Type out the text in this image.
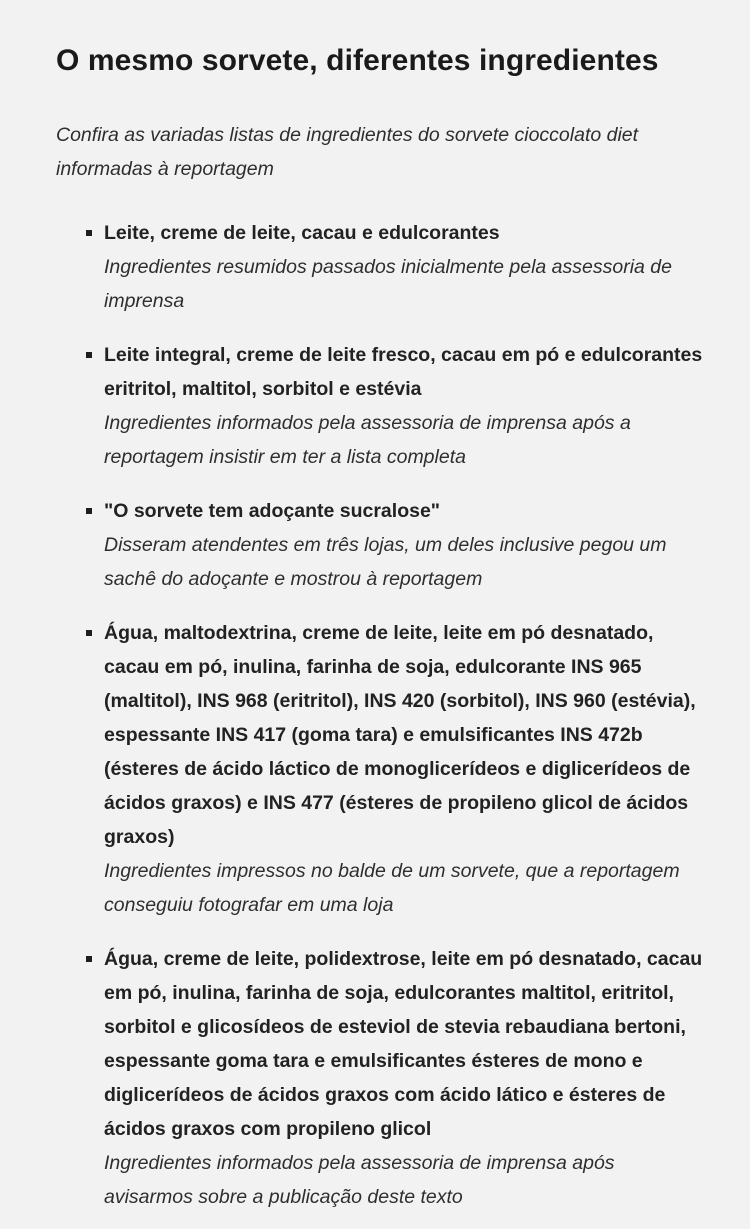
O mesmo sorvete, diferentes ingredientes

Confira as variadas listas de ingredientes do sorvete cioccolato diet informadas à reportagem

Leite, creme de leite, cacau e edulcorantes
Ingredientes resumidos passados inicialmente pela assessoria de imprensa
Leite integral, creme de leite fresco, cacau em pó e edulcorantes eritritol, maltitol, sorbitol e estévia
Ingredientes informados pela assessoria de imprensa após a reportagem insistir em ter a lista completa
"O sorvete tem adoçante sucralose"
Disseram atendentes em três lojas, um deles inclusive pegou um sachê do adoçante e mostrou à reportagem
Água, maltodextrina, creme de leite, leite em pó desnatado, cacau em pó, inulina, farinha de soja, edulcorante INS 965 (maltitol), INS 968 (eritritol), INS 420 (sorbitol), INS 960 (estévia), espessante INS 417 (goma tara) e emulsificantes INS 472b (ésteres de ácido láctico de monoglicerídeos e diglicerídeos de ácidos graxos) e INS 477 (ésteres de propileno glicol de ácidos graxos)
Ingredientes impressos no balde de um sorvete, que a reportagem conseguiu fotografar em uma loja
Água, creme de leite, polidextrose, leite em pó desnatado, cacau em pó, inulina, farinha de soja, edulcorantes maltitol, eritritol, sorbitol e glicosídeos de esteviol de stevia rebaudiana bertoni, espessante goma tara e emulsificantes ésteres de mono e diglicerídeos de ácidos graxos com ácido lático e ésteres de ácidos graxos com propileno glicol
Ingredientes informados pela assessoria de imprensa após avisarmos sobre a publicação deste texto
